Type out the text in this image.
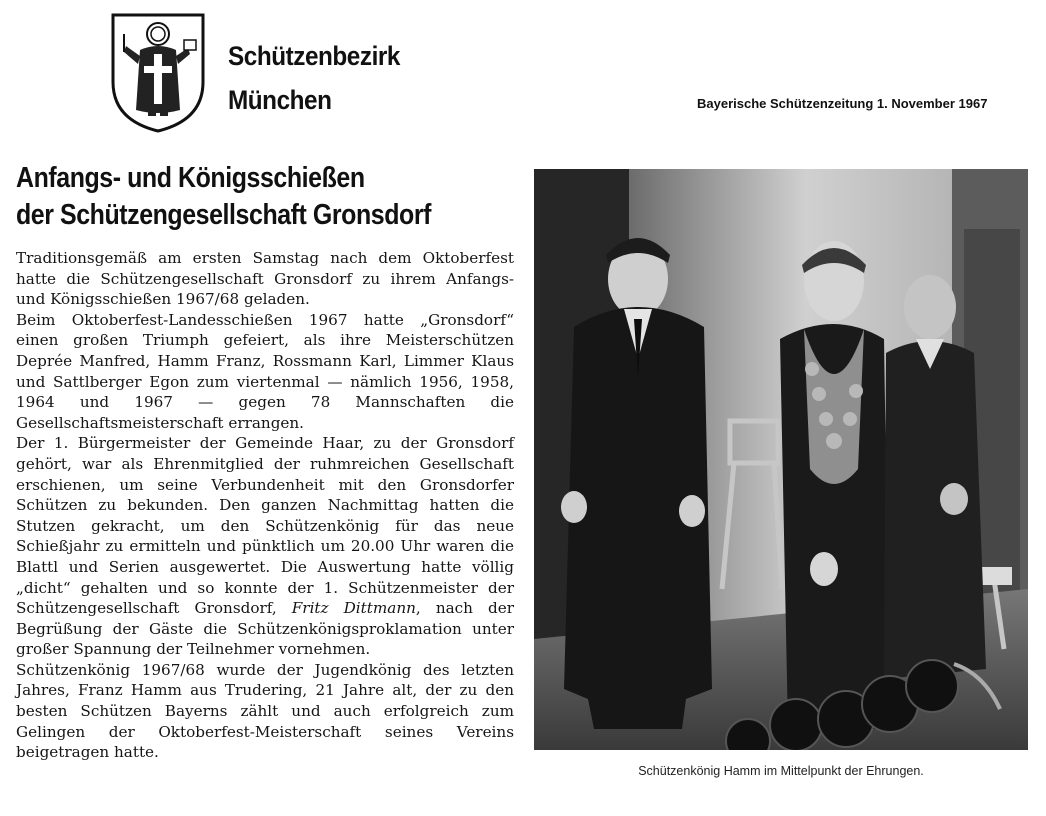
Schützenbezirk
München	Bayerische Schützenzeitung 1. November 1967
Anfangs- und Königsschießen
der Schützengesellschaft Gronsdorf

Traditionsgemäß am ersten Samstag nach dem Oktoberfest hatte die Schützengesellschaft Gronsdorf zu ihrem Anfangs- und Königsschießen 1967/68 geladen.

Beim Oktoberfest-Landesschießen 1967 hatte „Gronsdorf“ einen großen Triumph gefeiert, als ihre Meisterschützen Deprée Manfred, Hamm Franz, Rossmann Karl, Limmer Klaus und Sattlberger Egon zum viertenmal — nämlich 1956, 1958, 1964 und 1967 — gegen 78 Mannschaften die Gesellschaftsmeisterschaft errangen.

Der 1. Bürgermeister der Gemeinde Haar, zu der Gronsdorf gehört, war als Ehrenmitglied der ruhmreichen Gesellschaft erschienen, um seine Verbundenheit mit den Gronsdorfer Schützen zu bekunden. Den ganzen Nachmittag hatten die Stutzen gekracht, um den Schützenkönig für das neue Schießjahr zu ermitteln und pünktlich um 20.00 Uhr waren die Blattl und Serien ausgewertet. Die Auswertung hatte völlig „dicht“ gehalten und so konnte der 1. Schützenmeister der Schützengesellschaft Gronsdorf, Fritz Dittmann, nach der Begrüßung der Gäste die Schützenkönigsproklamation unter großer Spannung der Teilnehmer vornehmen.

Schützenkönig 1967/68 wurde der Jugendkönig des letzten Jahres, Franz Hamm aus Trudering, 21 Jahre alt, der zu den besten Schützen Bayerns zählt und auch erfolgreich zum Gelingen der Oktoberfest-Meisterschaft seines Vereins beigetragen hatte.

Schützenkönig Hamm im Mittelpunkt der Ehrungen.
